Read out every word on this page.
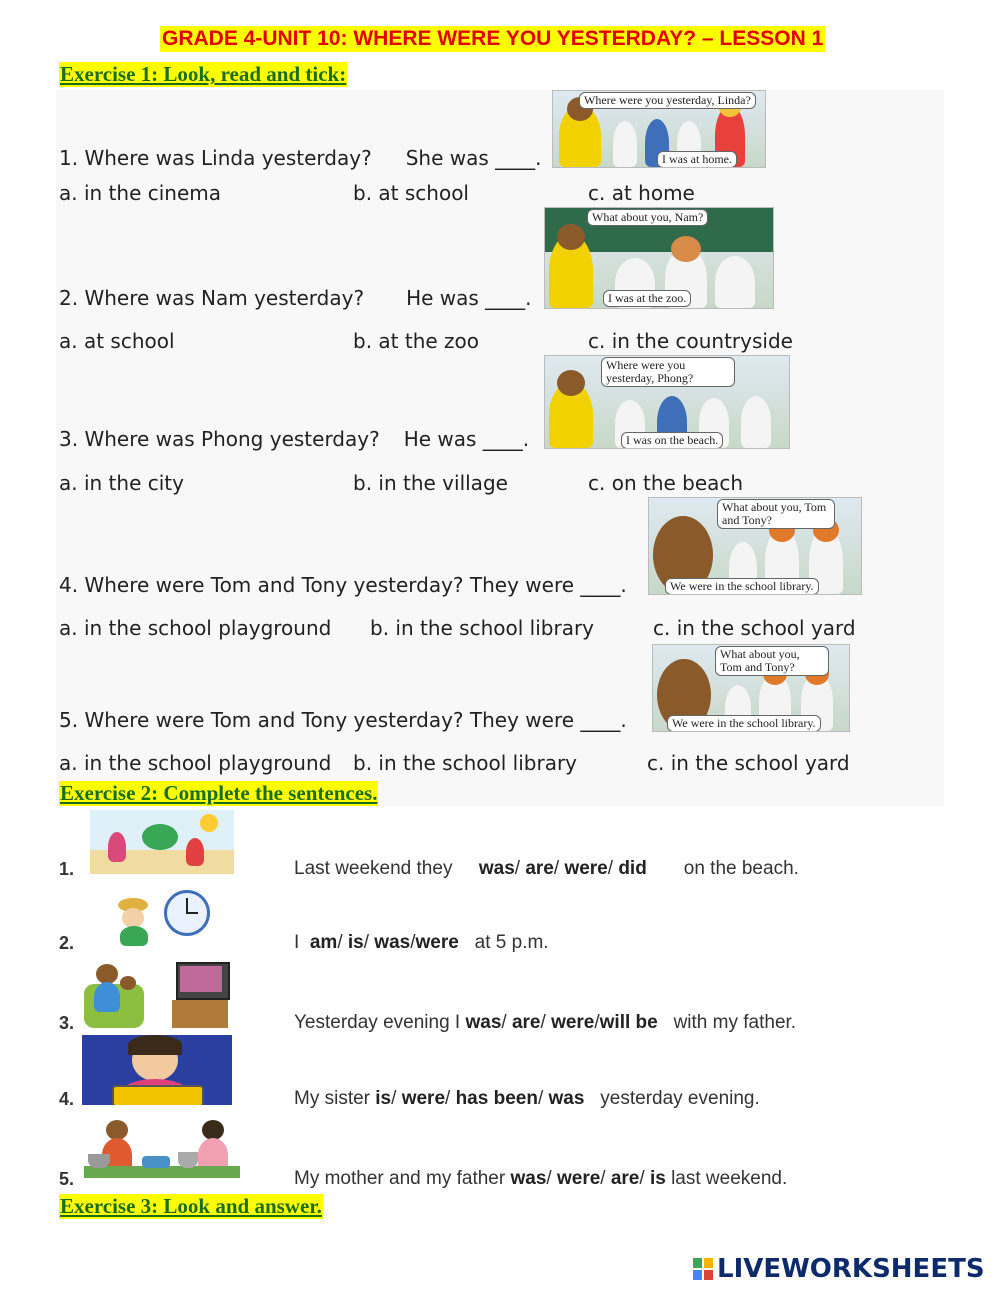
GRADE 4-UNIT 10: WHERE WERE YOU YESTERDAY? – LESSON 1
Exercise 1: Look, read and tick:
1. Where was Linda yesterday? She was ____.
Where were you yesterday, Linda?
I was at home.
a. in the cinema	b. at school	c. at home
2. Where was Nam yesterday? He was ____.
What about you, Nam?
I was at the zoo.
a. at school	b. at the zoo	c. in the countryside
3. Where was Phong yesterday? He was ____.
Where were you yesterday, Phong?
I was on the beach.
a. in the city	b. in the village	c. on the beach
4. Where were Tom and Tony yesterday? They were ____.
What about you, Tom and Tony?
We were in the school library.
a. in the school playground b. in the school library	c. in the school yard
5. Where were Tom and Tony yesterday? They were ____.
What about you, Tom and Tony?
We were in the school library.
a. in the school playground b. in the school library	c. in the school yard
Exercise 2: Complete the sentences.
1.	Last weekend they was/ are/ were/ did on the beach.
2.	I am/ is/ was/were at 5 p.m.
3.	Yesterday evening I was/ are/ were/will be with my father.
4.	My sister is/ were/ has been/ was yesterday evening.
5.	My mother and my father was/ were/ are/ is last weekend.
Exercise 3: Look and answer.
LIVEWORKSHEETS
